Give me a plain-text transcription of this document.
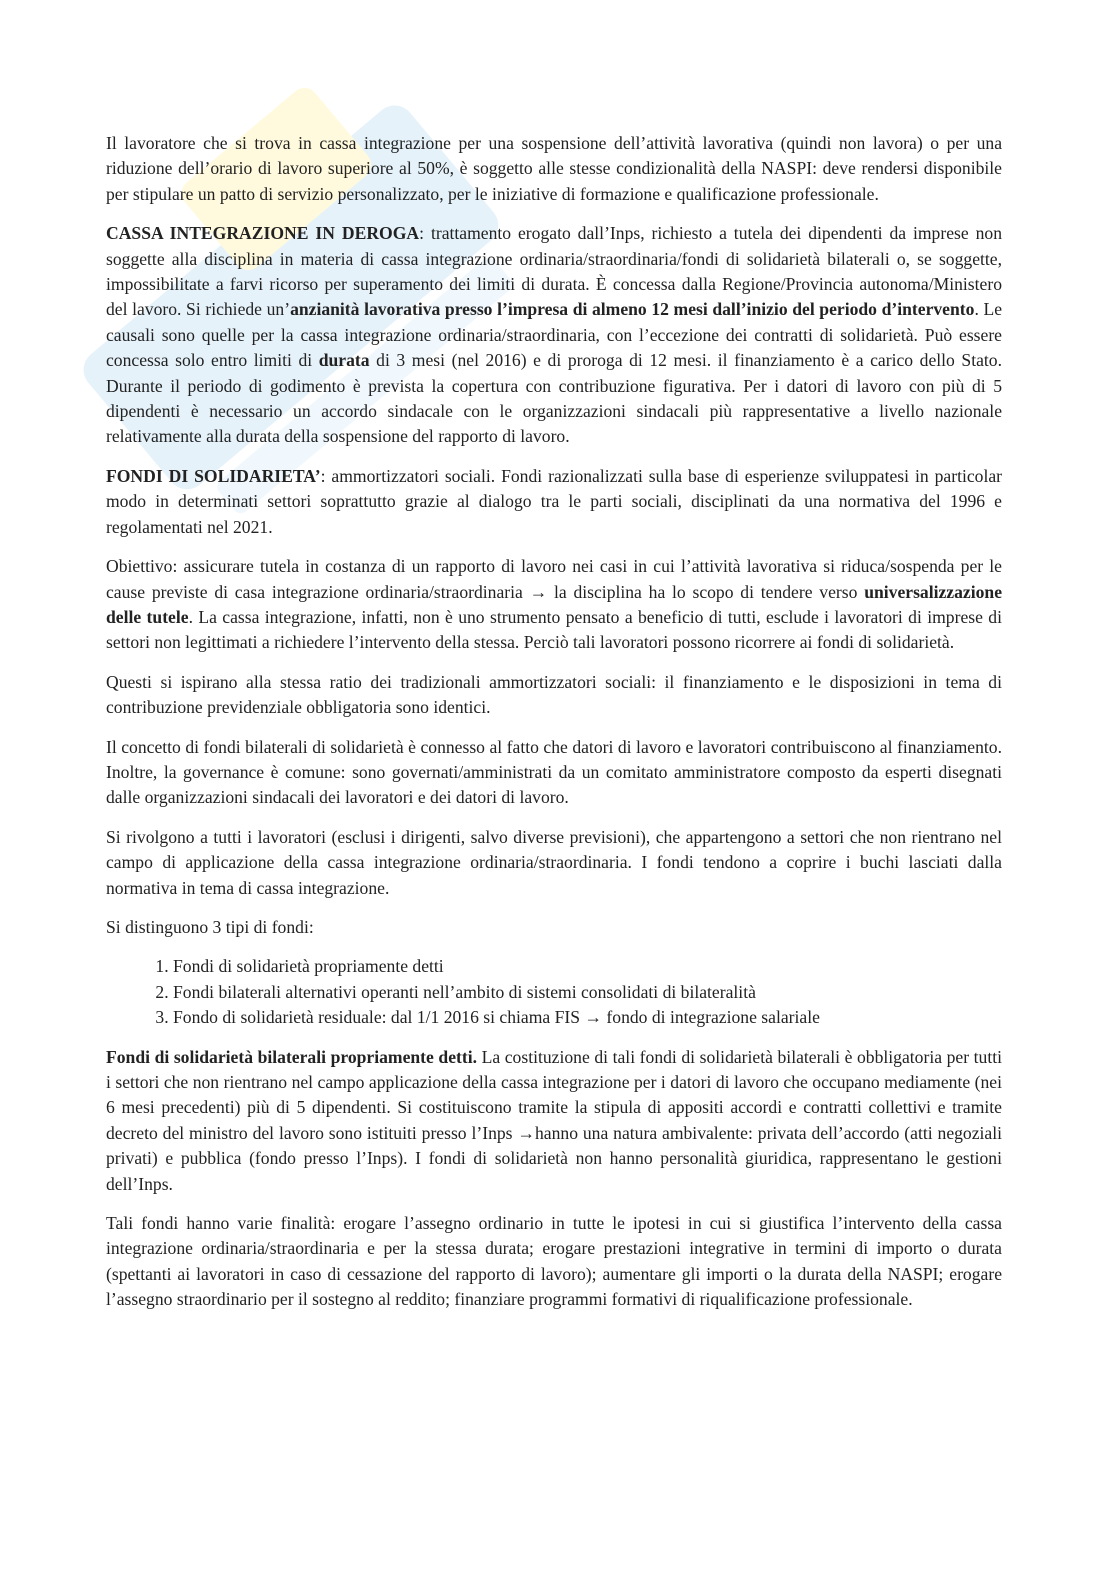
Il lavoratore che si trova in cassa integrazione per una sospensione dell’attività lavorativa (quindi non lavora) o per una riduzione dell’orario di lavoro superiore al 50%, è soggetto alle stesse condizionalità della NASPI: deve rendersi disponibile per stipulare un patto di servizio personalizzato, per le iniziative di formazione e qualificazione professionale.

CASSA INTEGRAZIONE IN DEROGA: trattamento erogato dall’Inps, richiesto a tutela dei dipendenti da imprese non soggette alla disciplina in materia di cassa integrazione ordinaria/straordinaria/fondi di solidarietà bilaterali o, se soggette, impossibilitate a farvi ricorso per superamento dei limiti di durata. È concessa dalla Regione/Provincia autonoma/Ministero del lavoro. Si richiede un’anzianità lavorativa presso l’impresa di almeno 12 mesi dall’inizio del periodo d’intervento. Le causali sono quelle per la cassa integrazione ordinaria/straordinaria, con l’eccezione dei contratti di solidarietà. Può essere concessa solo entro limiti di durata di 3 mesi (nel 2016) e di proroga di 12 mesi. il finanziamento è a carico dello Stato. Durante il periodo di godimento è prevista la copertura con contribuzione figurativa. Per i datori di lavoro con più di 5 dipendenti è necessario un accordo sindacale con le organizzazioni sindacali più rappresentative a livello nazionale relativamente alla durata della sospensione del rapporto di lavoro.

FONDI DI SOLIDARIETA’: ammortizzatori sociali. Fondi razionalizzati sulla base di esperienze sviluppatesi in particolar modo in determinati settori soprattutto grazie al dialogo tra le parti sociali, disciplinati da una normativa del 1996 e regolamentati nel 2021.

Obiettivo: assicurare tutela in costanza di un rapporto di lavoro nei casi in cui l’attività lavorativa si riduca/sospenda per le cause previste di casa integrazione ordinaria/straordinaria → la disciplina ha lo scopo di tendere verso universalizzazione delle tutele. La cassa integrazione, infatti, non è uno strumento pensato a beneficio di tutti, esclude i lavoratori di imprese di settori non legittimati a richiedere l’intervento della stessa. Perciò tali lavoratori possono ricorrere ai fondi di solidarietà.

Questi si ispirano alla stessa ratio dei tradizionali ammortizzatori sociali: il finanziamento e le disposizioni in tema di contribuzione previdenziale obbligatoria sono identici.

Il concetto di fondi bilaterali di solidarietà è connesso al fatto che datori di lavoro e lavoratori contribuiscono al finanziamento. Inoltre, la governance è comune: sono governati/amministrati da un comitato amministratore composto da esperti disegnati dalle organizzazioni sindacali dei lavoratori e dei datori di lavoro.

Si rivolgono a tutti i lavoratori (esclusi i dirigenti, salvo diverse previsioni), che appartengono a settori che non rientrano nel campo di applicazione della cassa integrazione ordinaria/straordinaria. I fondi tendono a coprire i buchi lasciati dalla normativa in tema di cassa integrazione.

Si distinguono 3 tipi di fondi:

1. Fondi di solidarietà propriamente detti
2. Fondi bilaterali alternativi operanti nell’ambito di sistemi consolidati di bilateralità
3. Fondo di solidarietà residuale: dal 1/1 2016 si chiama FIS → fondo di integrazione salariale

Fondi di solidarietà bilaterali propriamente detti. La costituzione di tali fondi di solidarietà bilaterali è obbligatoria per tutti i settori che non rientrano nel campo applicazione della cassa integrazione per i datori di lavoro che occupano mediamente (nei 6 mesi precedenti) più di 5 dipendenti. Si costituiscono tramite la stipula di appositi accordi e contratti collettivi e tramite decreto del ministro del lavoro sono istituiti presso l’Inps →hanno una natura ambivalente: privata dell’accordo (atti negoziali privati) e pubblica (fondo presso l’Inps). I fondi di solidarietà non hanno personalità giuridica, rappresentano le gestioni dell’Inps.

Tali fondi hanno varie finalità: erogare l’assegno ordinario in tutte le ipotesi in cui si giustifica l’intervento della cassa integrazione ordinaria/straordinaria e per la stessa durata; erogare prestazioni integrative in termini di importo o durata (spettanti ai lavoratori in caso di cessazione del rapporto di lavoro); aumentare gli importi o la durata della NASPI; erogare l’assegno straordinario per il sostegno al reddito; finanziare programmi formativi di riqualificazione professionale.
